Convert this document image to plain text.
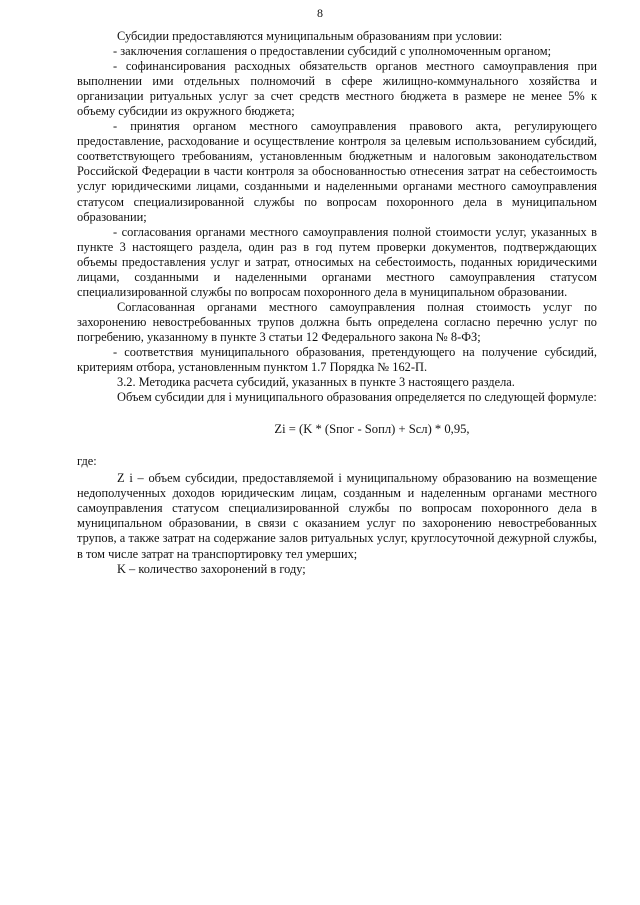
8

Субсидии предоставляются муниципальным образованиям при условии:

- заключения соглашения о предоставлении субсидий с уполномоченным органом;

- софинансирования расходных обязательств органов местного самоуправления при выполнении ими отдельных полномочий в сфере жилищно-коммунального хозяйства и организации ритуальных услуг за счет средств местного бюджета в размере не менее 5% к объему субсидии из окружного бюджета;

- принятия органом местного самоуправления правового акта, регулирующего предоставление, расходование и осуществление контроля за целевым использованием субсидий, соответствующего требованиям, установленным бюджетным и налоговым законодательством Российской Федерации в части контроля за обоснованностью отнесения затрат на себестоимость услуг юридическими лицами, созданными и наделенными органами местного самоуправления статусом специализированной службы по вопросам похоронного дела в муниципальном образовании;

- согласования органами местного самоуправления полной стоимости услуг, указанных в пункте 3 настоящего раздела, один раз в год путем проверки документов, подтверждающих объемы предоставления услуг и затрат, относимых на себестоимость, поданных юридическими лицами, созданными и наделенными органами местного самоуправления статусом специализированной службы по вопросам похоронного дела в муниципальном образовании.

Согласованная органами местного самоуправления полная стоимость услуг по захоронению невостребованных трупов должна быть определена согласно перечню услуг по погребению, указанному в пункте 3 статьи 12 Федерального закона № 8-ФЗ;

- соответствия муниципального образования, претендующего на получение субсидий, критериям отбора, установленным пунктом 1.7 Порядка № 162-П.

3.2. Методика расчета субсидий, указанных в пункте 3 настоящего раздела.

Объем субсидии для i муниципального образования определяется по следующей формуле:

Zi = (K * (Sпог - Sопл) + Sсл) * 0,95,

где:

Z i – объем субсидии, предоставляемой i муниципальному образованию на возмещение недополученных доходов юридическим лицам, созданным и наделенным органами местного самоуправления статусом специализированной службы по вопросам похоронного дела в муниципальном образовании, в связи с оказанием услуг по захоронению невостребованных трупов, а также затрат на содержание залов ритуальных услуг, круглосуточной дежурной службы, в том числе затрат на транспортировку тел умерших;

K – количество захоронений в году;
